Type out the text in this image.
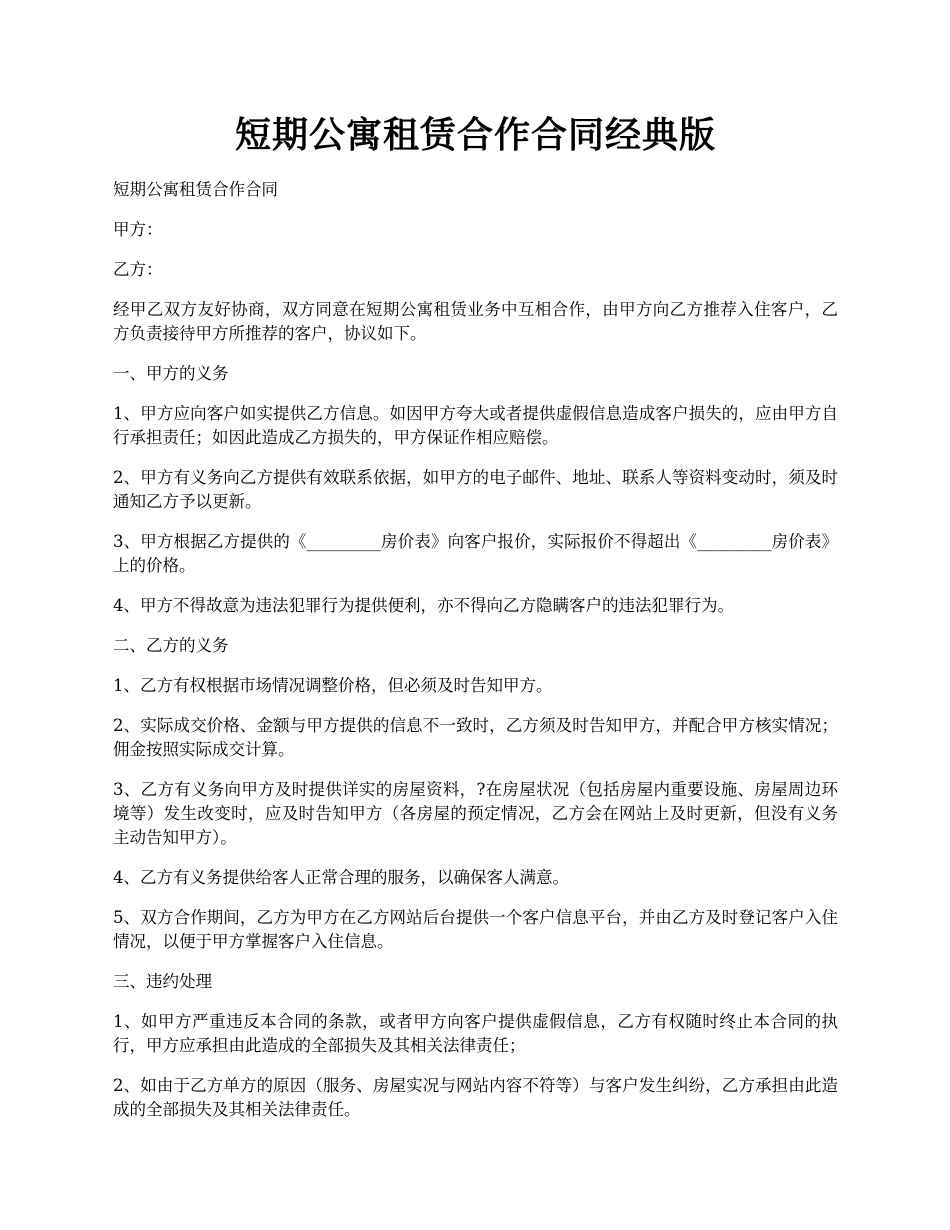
短期公寓租赁合作合同经典版

短期公寓租赁合作合同

甲方：

乙方：

经甲乙双方友好协商，双方同意在短期公寓租赁业务中互相合作，由甲方向乙方推荐入住客户，乙方负责接待甲方所推荐的客户，协议如下。

一、甲方的义务

1、甲方应向客户如实提供乙方信息。如因甲方夸大或者提供虚假信息造成客户损失的，应由甲方自行承担责任；如因此造成乙方损失的，甲方保证作相应赔偿。

2、甲方有义务向乙方提供有效联系依据，如甲方的电子邮件、地址、联系人等资料变动时，须及时通知乙方予以更新。

3、甲方根据乙方提供的《_________房价表》向客户报价，实际报价不得超出《_________房价表》上的价格。

4、甲方不得故意为违法犯罪行为提供便利，亦不得向乙方隐瞒客户的违法犯罪行为。

二、乙方的义务

1、乙方有权根据市场情况调整价格，但必须及时告知甲方。

2、实际成交价格、金额与甲方提供的信息不一致时，乙方须及时告知甲方，并配合甲方核实情况；佣金按照实际成交计算。

3、乙方有义务向甲方及时提供详实的房屋资料，?在房屋状况（包括房屋内重要设施、房屋周边环境等）发生改变时，应及时告知甲方（各房屋的预定情况，乙方会在网站上及时更新，但没有义务主动告知甲方）。

4、乙方有义务提供给客人正常合理的服务，以确保客人满意。

5、双方合作期间，乙方为甲方在乙方网站后台提供一个客户信息平台，并由乙方及时登记客户入住情况，以便于甲方掌握客户入住信息。

三、违约处理

1、如甲方严重违反本合同的条款，或者甲方向客户提供虚假信息，乙方有权随时终止本合同的执行，甲方应承担由此造成的全部损失及其相关法律责任；

2、如由于乙方单方的原因（服务、房屋实况与网站内容不符等）与客户发生纠纷，乙方承担由此造成的全部损失及其相关法律责任。
